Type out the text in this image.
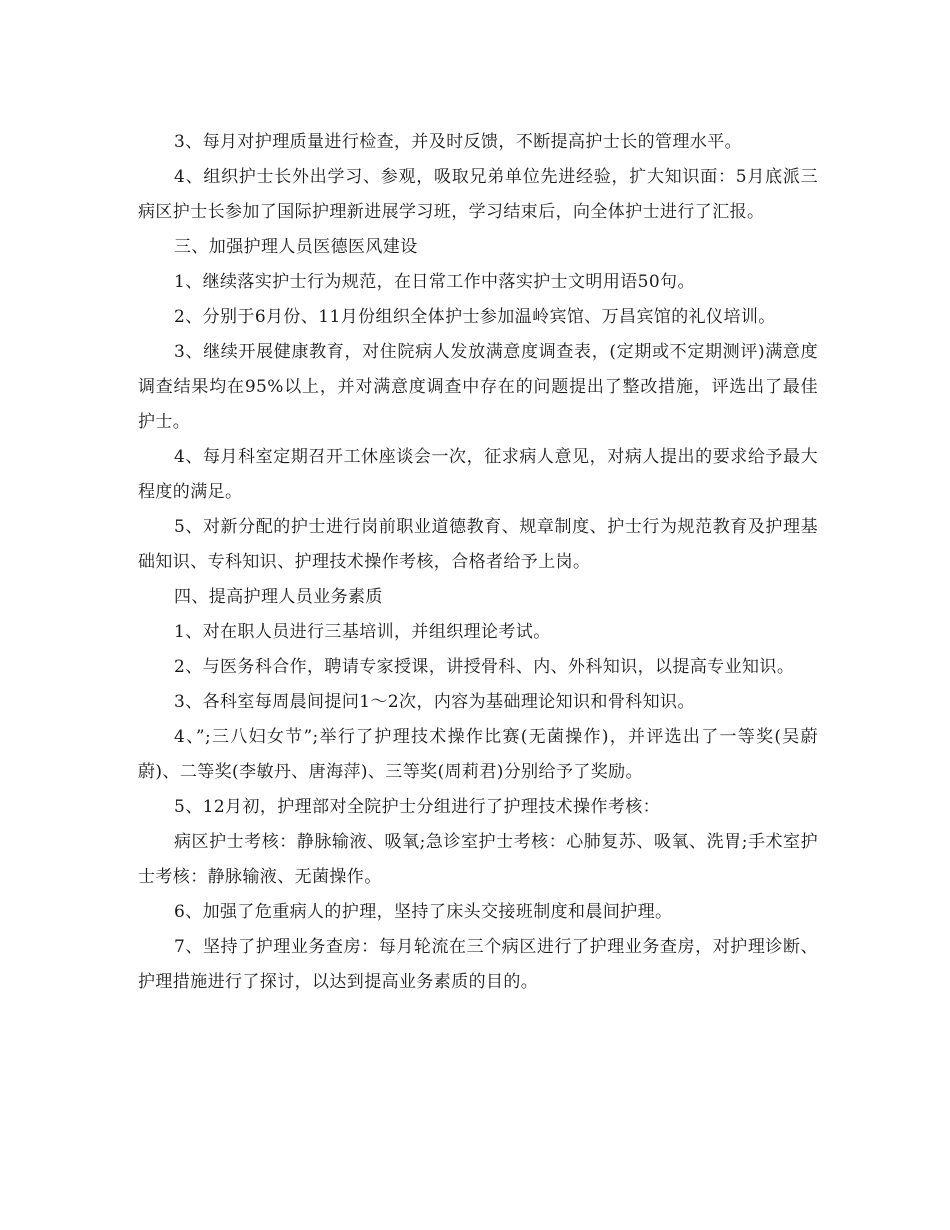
3、每月对护理质量进行检查，并及时反馈，不断提高护士长的管理水平。

4、组织护士长外出学习、参观，吸取兄弟单位先进经验，扩大知识面：5月底派三病区护士长参加了国际护理新进展学习班，学习结束后，向全体护士进行了汇报。

三、加强护理人员医德医风建设

1、继续落实护士行为规范，在日常工作中落实护士文明用语50句。

2、分别于6月份、11月份组织全体护士参加温岭宾馆、万昌宾馆的礼仪培训。

3、继续开展健康教育，对住院病人发放满意度调查表，(定期或不定期测评)满意度调查结果均在95%以上，并对满意度调查中存在的问题提出了整改措施，评选出了最佳护士。

4、每月科室定期召开工休座谈会一次，征求病人意见，对病人提出的要求给予最大程度的满足。

5、对新分配的护士进行岗前职业道德教育、规章制度、护士行为规范教育及护理基础知识、专科知识、护理技术操作考核，合格者给予上岗。

四、提高护理人员业务素质

1、对在职人员进行三基培训，并组织理论考试。

2、与医务科合作，聘请专家授课，讲授骨科、内、外科知识，以提高专业知识。

3、各科室每周晨间提问1～2次，内容为基础理论知识和骨科知识。

4、”;三八妇女节”;举行了护理技术操作比赛(无菌操作)，并评选出了一等奖(吴蔚蔚)、二等奖(李敏丹、唐海萍)、三等奖(周莉君)分别给予了奖励。

5、12月初，护理部对全院护士分组进行了护理技术操作考核：

病区护士考核：静脉输液、吸氧;急诊室护士考核：心肺复苏、吸氧、洗胃;手术室护士考核：静脉输液、无菌操作。

6、加强了危重病人的护理，坚持了床头交接班制度和晨间护理。

7、坚持了护理业务查房：每月轮流在三个病区进行了护理业务查房，对护理诊断、护理措施进行了探讨，以达到提高业务素质的目的。
